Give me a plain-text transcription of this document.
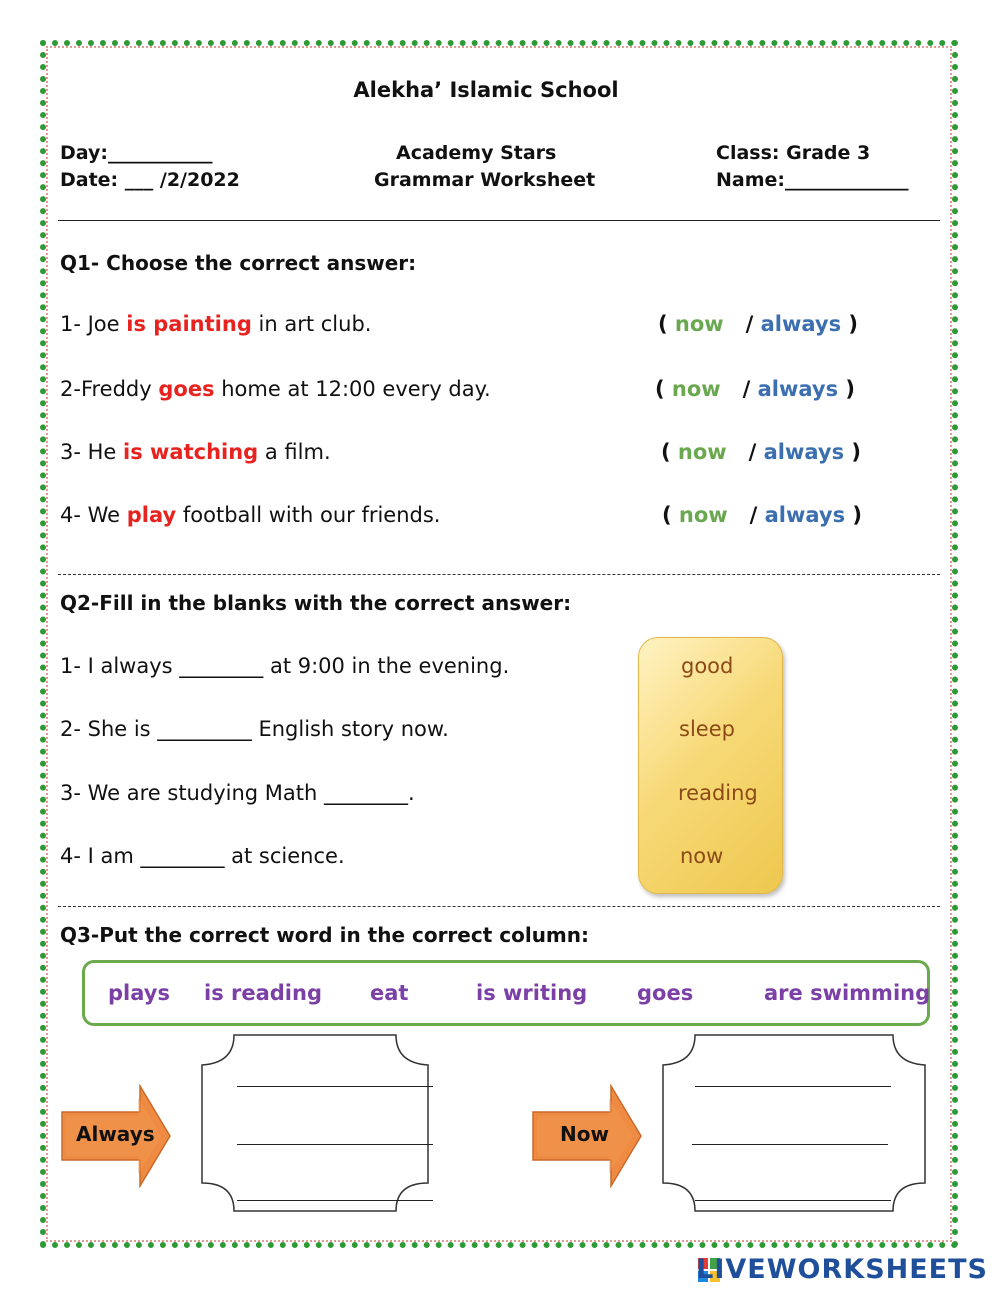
Alekha’ Islamic School
Day:___________
Date: ___ /2/2022
Academy Stars
Grammar Worksheet
Class: Grade 3
Name:_____________
Q1- Choose the correct answer:
1- Joe is painting in art club.	( now / always )
2-Freddy goes home at 12:00 every day.	( now / always )
3- He is watching a film.	( now / always )
4- We play football with our friends.	( now / always )
Q2-Fill in the blanks with the correct answer:
1- I always ________ at 9:00 in the evening.
2- She is _________ English story now.
3- We are studying Math ________.
4- I am ________ at science.
good
sleep
reading
now
Q3-Put the correct word in the correct column:
plays is reading eat	is writing goes	are swimming
Always	Now
LIVEWORKSHEETS
